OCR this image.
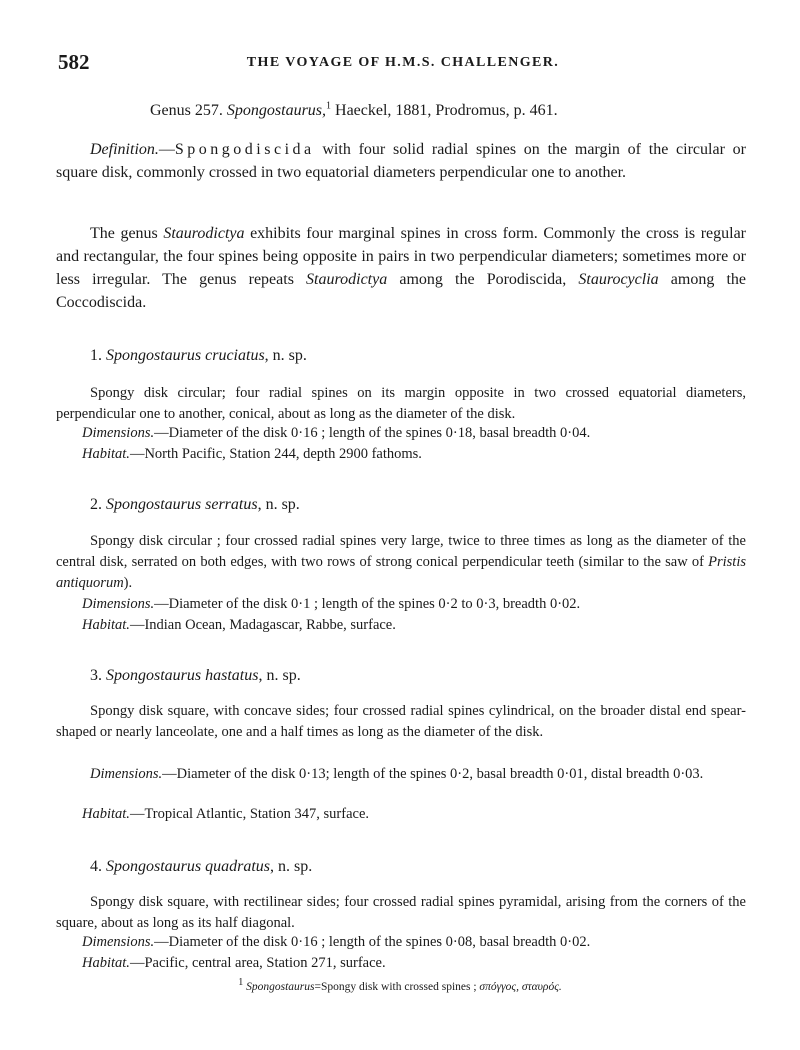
582	THE VOYAGE OF H.M.S. CHALLENGER.
Genus 257. Spongostaurus,$^1$ Haeckel, 1881, Prodromus, p. 461.

Definition.—Spongodiscida with four solid radial spines on the margin of the circular or square disk, commonly crossed in two equatorial diameters perpendicular one to another.

The genus Staurodictya exhibits four marginal spines in cross form. Commonly the cross is regular and rectangular, the four spines being opposite in pairs in two perpendicular diameters; sometimes more or less irregular. The genus repeats Staurodictya among the Porodiscida, Staurocyclia among the Coccodiscida.

1. Spongostaurus cruciatus, n. sp.

Spongy disk circular; four radial spines on its margin opposite in two crossed equatorial diameters, perpendicular one to another, conical, about as long as the diameter of the disk.

Dimensions.—Diameter of the disk 0·16 ; length of the spines 0·18, basal breadth 0·04.
Habitat.—North Pacific, Station 244, depth 2900 fathoms.
2. Spongostaurus serratus, n. sp.

Spongy disk circular ; four crossed radial spines very large, twice to three times as long as the diameter of the central disk, serrated on both edges, with two rows of strong conical perpendicular teeth (similar to the saw of Pristis antiquorum).

Dimensions.—Diameter of the disk 0·1 ; length of the spines 0·2 to 0·3, breadth 0·02.
Habitat.—Indian Ocean, Madagascar, Rabbe, surface.
3. Spongostaurus hastatus, n. sp.

Spongy disk square, with concave sides; four crossed radial spines cylindrical, on the broader distal end spear-shaped or nearly lanceolate, one and a half times as long as the diameter of the disk.

Dimensions.—Diameter of the disk 0·13; length of the spines 0·2, basal breadth 0·01, distal breadth 0·03.

Habitat.—Tropical Atlantic, Station 347, surface.
4. Spongostaurus quadratus, n. sp.

Spongy disk square, with rectilinear sides; four crossed radial spines pyramidal, arising from the corners of the square, about as long as its half diagonal.

Dimensions.—Diameter of the disk 0·16 ; length of the spines 0·08, basal breadth 0·02.
Habitat.—Pacific, central area, Station 271, surface.
1 Spongostaurus=Spongy disk with crossed spines ; σπόγγος, σταυρός.
